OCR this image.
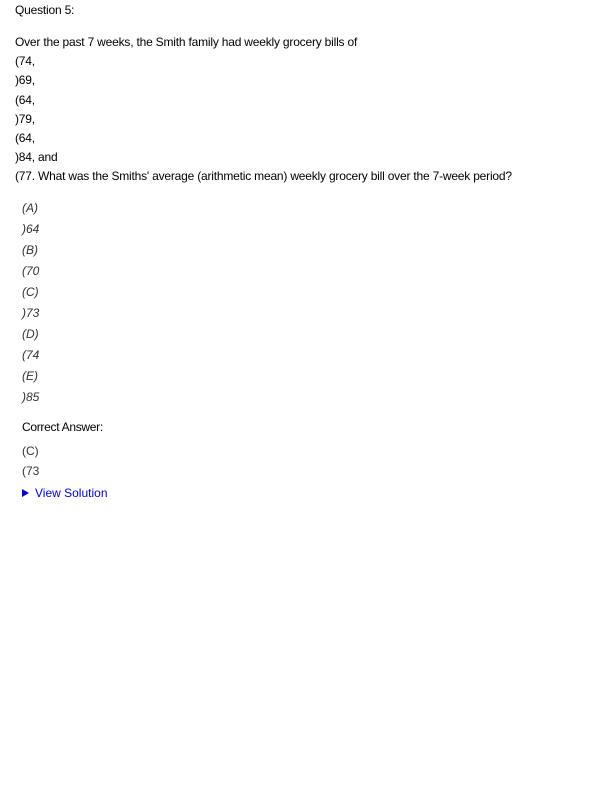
Question 5:
Over the past 7 weeks, the Smith family had weekly grocery bills of
(74,
)69,
(64,
)79,
(64,
)84, and
(77. What was the Smiths' average (arithmetic mean) weekly grocery bill over the 7-week period?
(A)
)64
(B)
(70
(C)
)73
(D)
(74
(E)
)85
Correct Answer:
(C)
(73
View Solution
